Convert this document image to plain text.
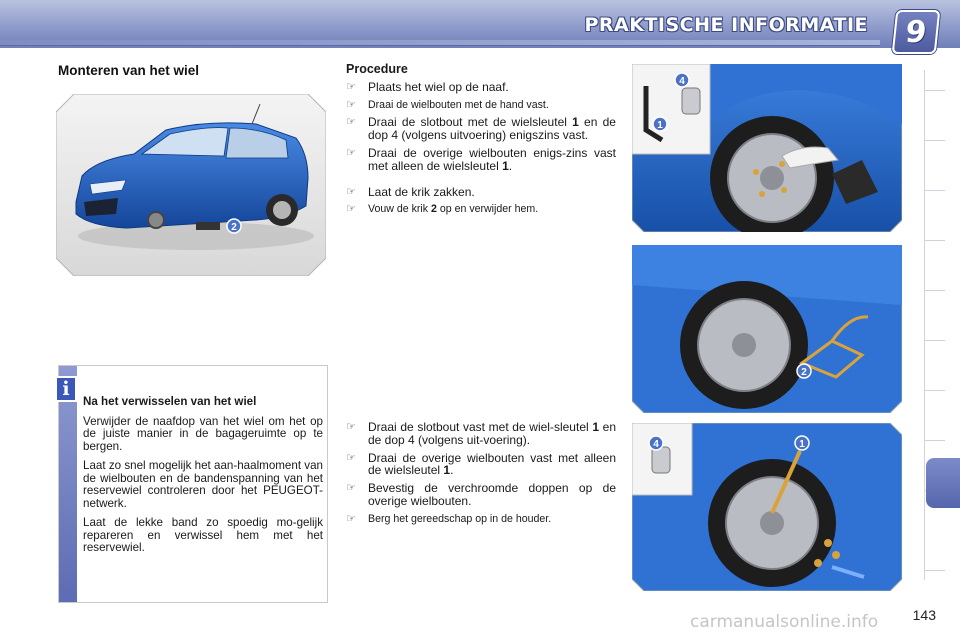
PRAKTISCHE INFORMATIE	9
Monteren van het wiel
2
i
Na het verwisselen van het wiel

Verwijder de naafdop van het wiel om het op de juiste manier in de bagageruimte op te bergen.

Laat zo snel mogelijk het aan-haalmoment van de wielbouten en de bandenspanning van het reservewiel controleren door het PEUGEOT-netwerk.

Laat de lekke band zo spoedig mo-gelijk repareren en verwissel hem met het reservewiel.

Procedure
☞ Plaats het wiel op de naaf.
☞ Draai de wielbouten met de hand vast.
☞ Draai de slotbout met de wielsleutel 1 en de dop 4 (volgens uitvoering) enigszins vast.
☞ Draai de overige wielbouten enigs-zins vast met alleen de wielsleutel 1.
☞ Laat de krik zakken.
☞ Vouw de krik 2 op en verwijder hem.
☞ Draai de slotbout vast met de wiel-sleutel 1 en de dop 4 (volgens uit-voering).
☞ Draai de overige wielbouten vast met alleen de wielsleutel 1.
☞ Bevestig de verchroomde doppen op de overige wielbouten.
☞ Berg het gereedschap op in de houder.
4
1
2
4	1
carmanualsonline.info 143
